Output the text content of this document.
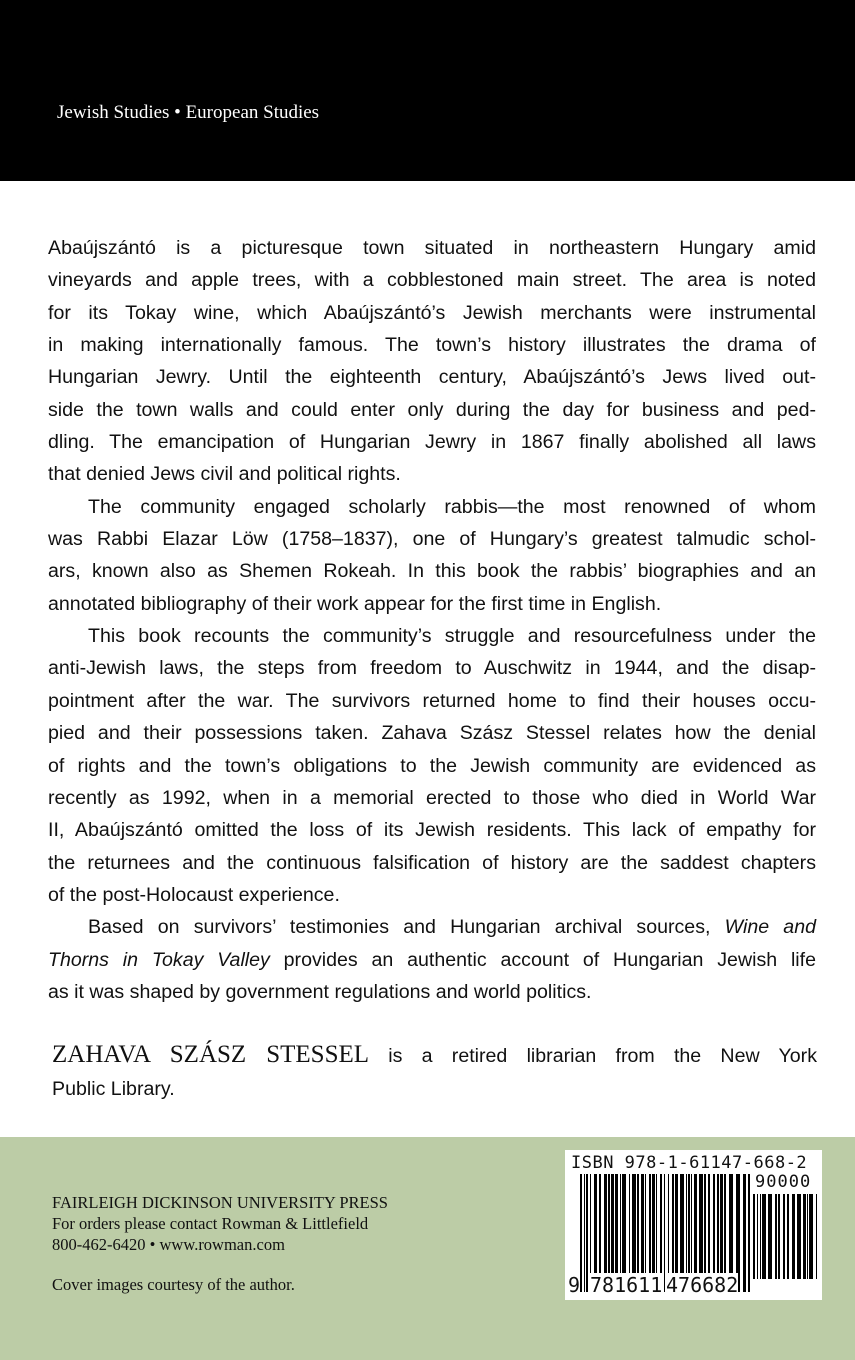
Jewish Studies • European Studies
Abaújszántó is a picturesque town situated in northeastern Hungary amid
vineyards and apple trees, with a cobblestoned main street. The area is noted
for its Tokay wine, which Abaújszántó’s Jewish merchants were instrumental
in making internationally famous. The town’s history illustrates the drama of
Hungarian Jewry. Until the eighteenth century, Abaújszántó’s Jews lived out-
side the town walls and could enter only during the day for business and ped-
dling. The emancipation of Hungarian Jewry in 1867 finally abolished all laws
that denied Jews civil and political rights.
The community engaged scholarly rabbis—the most renowned of whom
was Rabbi Elazar Löw (1758–1837), one of Hungary’s greatest talmudic schol-
ars, known also as Shemen Rokeah. In this book the rabbis’ biographies and an
annotated bibliography of their work appear for the first time in English.
This book recounts the community’s struggle and resourcefulness under the
anti-Jewish laws, the steps from freedom to Auschwitz in 1944, and the disap-
pointment after the war. The survivors returned home to find their houses occu-
pied and their possessions taken. Zahava Szász Stessel relates how the denial
of rights and the town’s obligations to the Jewish community are evidenced as
recently as 1992, when in a memorial erected to those who died in World War
II, Abaújszántó omitted the loss of its Jewish residents. This lack of empathy for
the returnees and the continuous falsification of history are the saddest chapters
of the post-Holocaust experience.
Based on survivors’ testimonies and Hungarian archival sources, Wine and
Thorns in Tokay Valley provides an authentic account of Hungarian Jewish life
as it was shaped by government regulations and world politics.
ZAHAVA SZÁSZ STESSEL is a retired librarian from the New York
Public Library.
FAIRLEIGH DICKINSON UNIVERSITY PRESS
For orders please contact Rowman & Littlefield
800-462-6420 • www.rowman.com
Cover images courtesy of the author.
ISBN 978-1-61147-668-2
90000
9 781611 476682
